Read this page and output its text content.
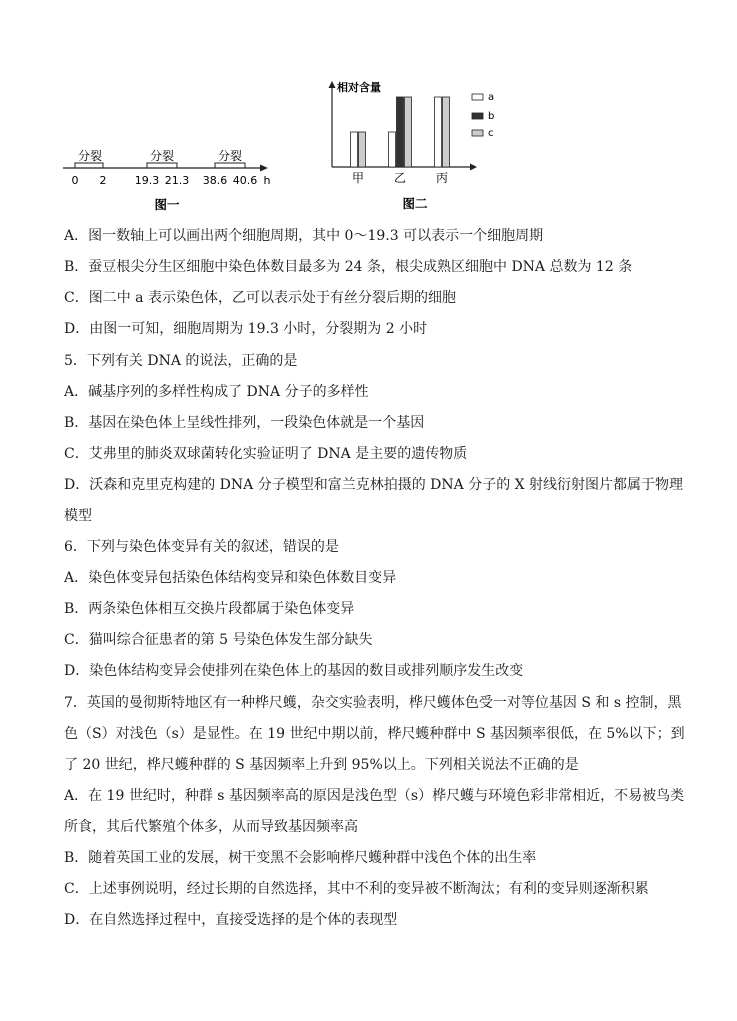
分裂	分裂	分裂
0 2	19.3 21.3 38.6 40.6 h
图一
相对含量
甲 乙 丙
a
b
c
图二
A．图一数轴上可以画出两个细胞周期，其中 0～19.3 可以表示一个细胞周期
B．蚕豆根尖分生区细胞中染色体数目最多为 24 条，根尖成熟区细胞中 DNA 总数为 12 条
C．图二中 a 表示染色体，乙可以表示处于有丝分裂后期的细胞
D．由图一可知，细胞周期为 19.3 小时，分裂期为 2 小时
5．下列有关 DNA 的说法，正确的是
A．碱基序列的多样性构成了 DNA 分子的多样性
B．基因在染色体上呈线性排列，一段染色体就是一个基因
C．艾弗里的肺炎双球菌转化实验证明了 DNA 是主要的遗传物质
D．沃森和克里克构建的 DNA 分子模型和富兰克林拍摄的 DNA 分子的 X 射线衍射图片都属于物理
模型
6．下列与染色体变异有关的叙述，错误的是
A．染色体变异包括染色体结构变异和染色体数目变异
B．两条染色体相互交换片段都属于染色体变异
C．猫叫综合征患者的第 5 号染色体发生部分缺失
D．染色体结构变异会使排列在染色体上的基因的数目或排列顺序发生改变
7．英国的曼彻斯特地区有一种桦尺蠖，杂交实验表明，桦尺蠖体色受一对等位基因 S 和 s 控制，黑
色（S）对浅色（s）是显性。在 19 世纪中期以前，桦尺蠖种群中 S 基因频率很低，在 5%以下；到
了 20 世纪，桦尺蠖种群的 S 基因频率上升到 95%以上。下列相关说法不正确的是
A．在 19 世纪时，种群 s 基因频率高的原因是浅色型（s）桦尺蠖与环境色彩非常相近，不易被鸟类
所食，其后代繁殖个体多，从而导致基因频率高
B．随着英国工业的发展，树干变黑不会影响桦尺蠖种群中浅色个体的出生率
C．上述事例说明，经过长期的自然选择，其中不利的变异被不断淘汰；有利的变异则逐渐积累
D．在自然选择过程中，直接受选择的是个体的表现型
